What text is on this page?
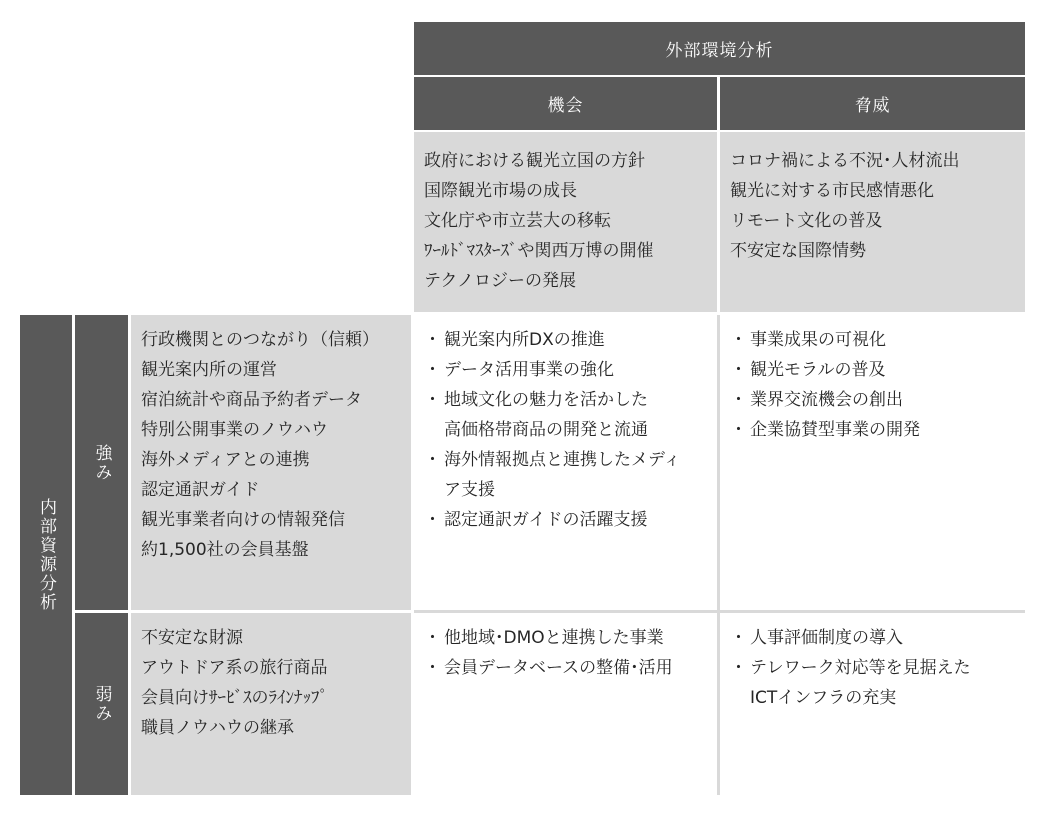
外部環境分析
機会	脅威
政府における観光立国の方針
国際観光市場の成長
文化庁や市立芸大の移転
ﾜｰﾙﾄﾞﾏｽﾀｰｽﾞや関西万博の開催
テクノロジーの発展
コロナ禍による不況･人材流出
観光に対する市民感情悪化
リモート文化の普及
不安定な国際情勢
内部資源分析
強み
弱み
行政機関とのつながり（信頼）
観光案内所の運営
宿泊統計や商品予約者データ
特別公開事業のノウハウ
海外メディアとの連携
認定通訳ガイド
観光事業者向けの情報発信
約1,500社の会員基盤
不安定な財源
アウトドア系の旅行商品
会員向けｻｰﾋﾞｽのﾗｲﾝﾅｯﾌﾟ
職員ノウハウの継承
・ 観光案内所DXの推進
・ データ活用事業の強化
・ 地域文化の魅力を活かした
高価格帯商品の開発と流通
・ 海外情報拠点と連携したメディ
ア支援
・ 認定通訳ガイドの活躍支援
・ 事業成果の可視化
・ 観光モラルの普及
・ 業界交流機会の創出
・ 企業協賛型事業の開発
・ 他地域･DMOと連携した事業
・ 会員データベースの整備･活用
・ 人事評価制度の導入
・ テレワーク対応等を見据えた
ICTインフラの充実
